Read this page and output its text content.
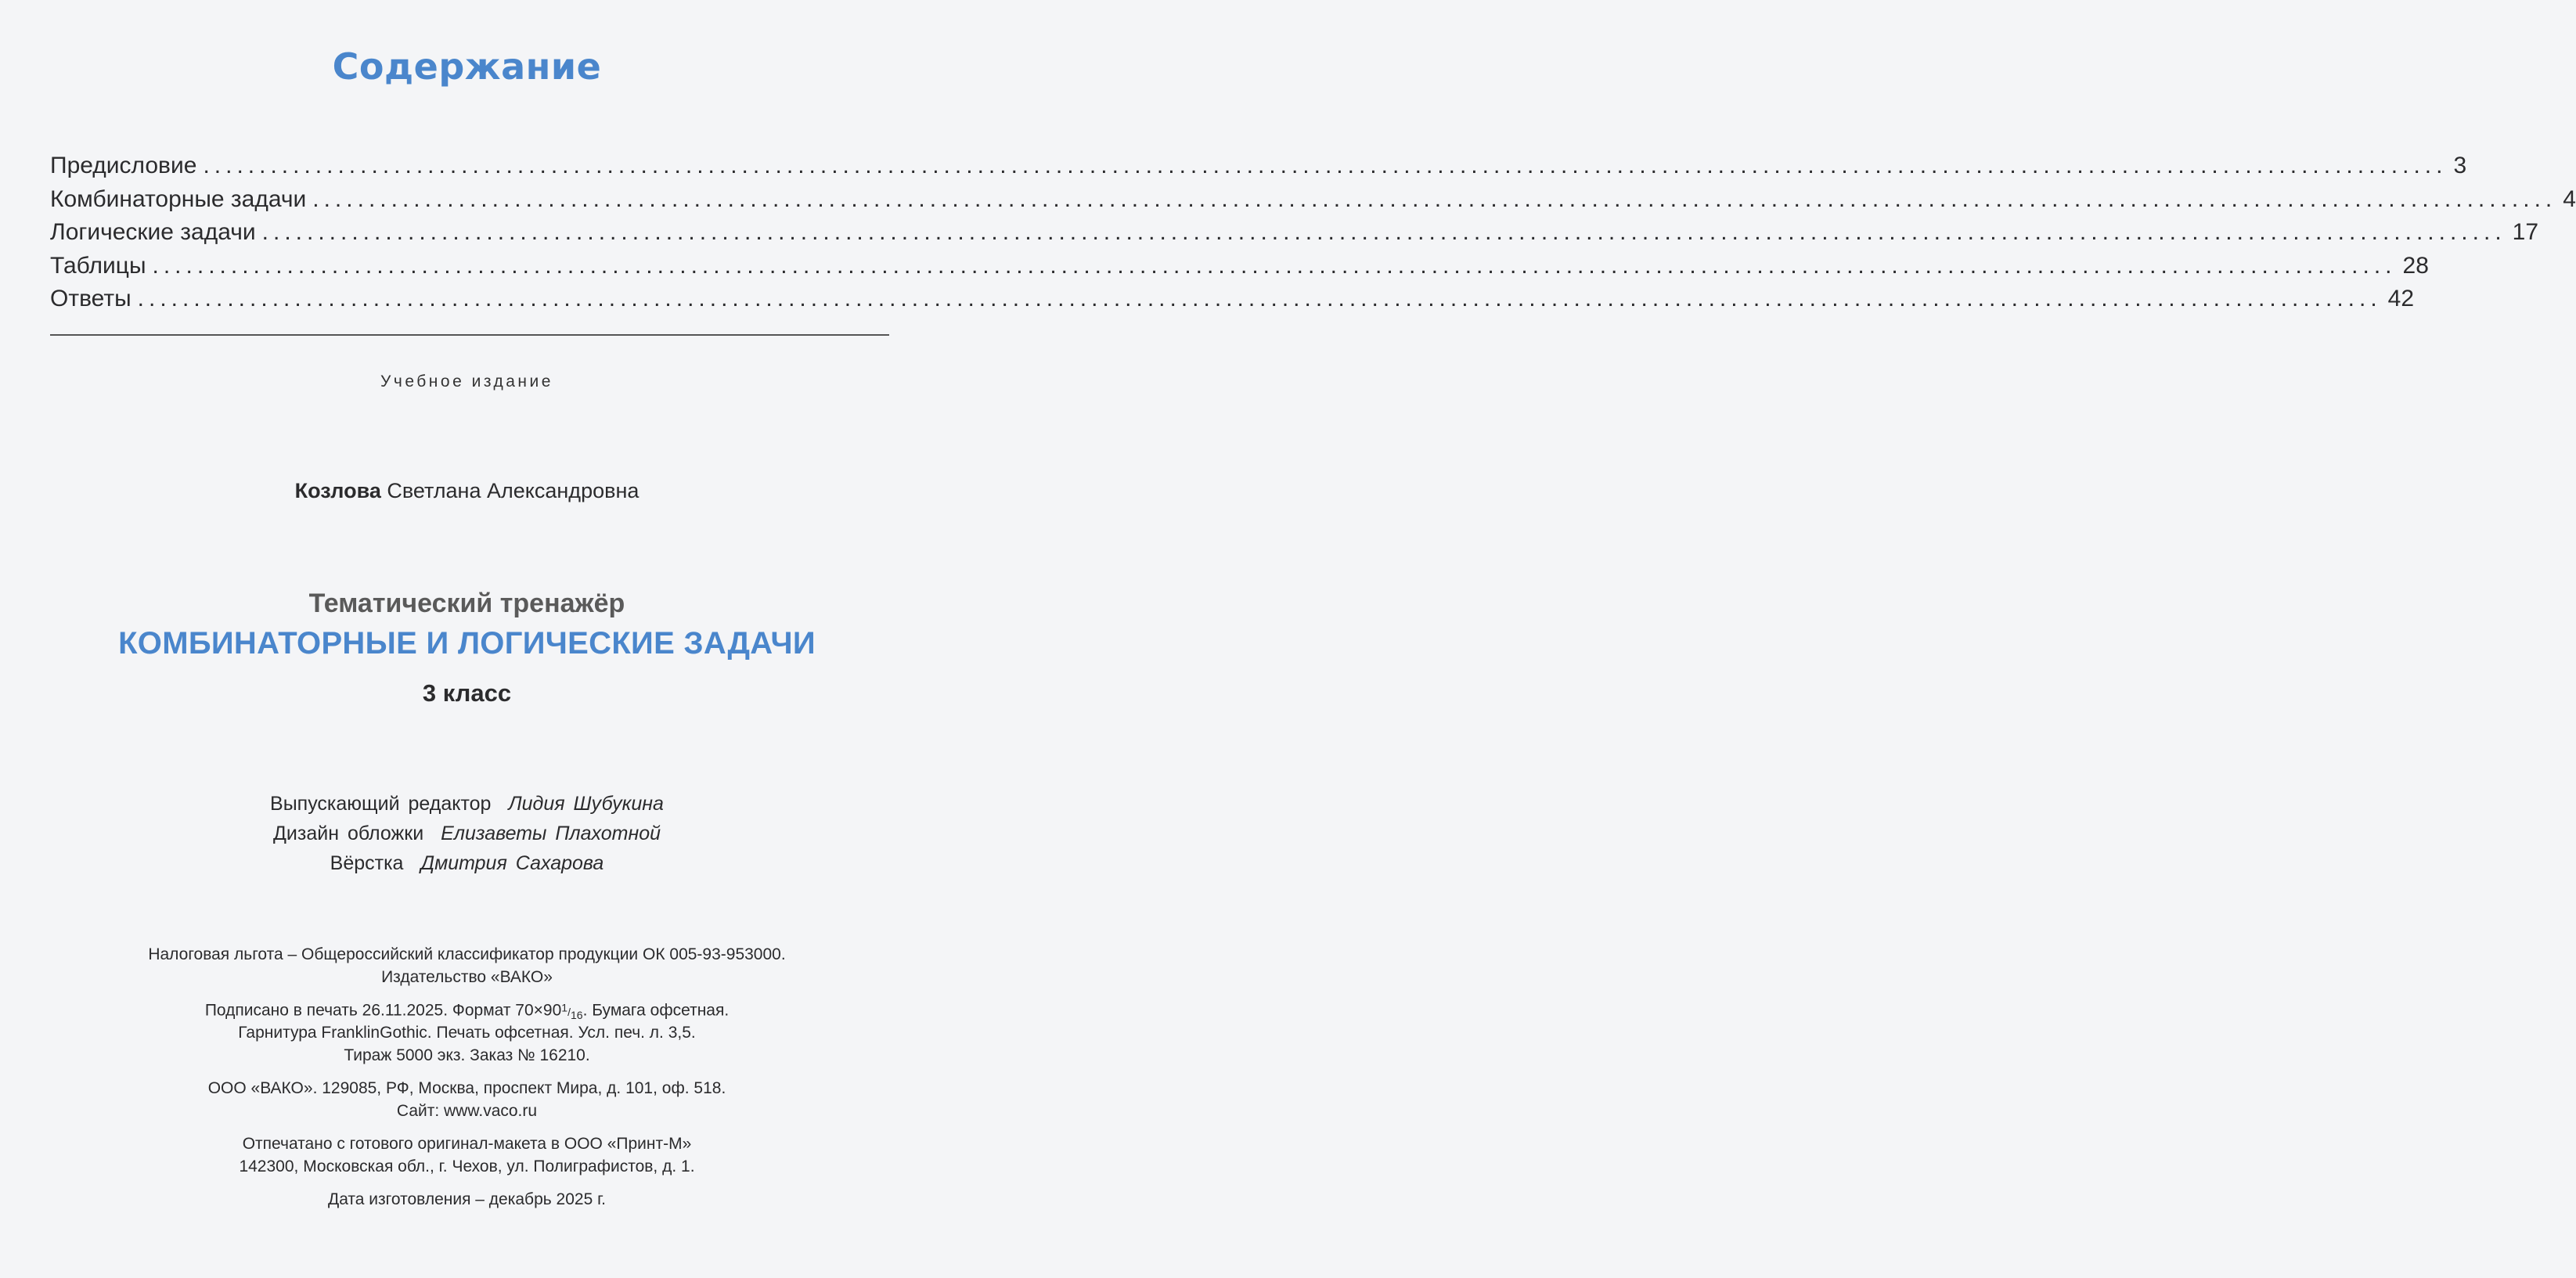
Содержание
Предисловие ........................................................................................................................................................................................................ 3
Комбинаторные задачи ........................................................................................................................................................................................................ 4
Логические задачи ........................................................................................................................................................................................................ 17
Таблицы ........................................................................................................................................................................................................ 28
Ответы ........................................................................................................................................................................................................ 42
Учебное издание
Козлова Светлана Александровна
Тематический тренажёр
КОМБИНАТОРНЫЕ И ЛОГИЧЕСКИЕ ЗАДАЧИ
3 класс
Выпускающий редактор Лидия Шубукина
Дизайн обложки Елизаветы Плахотной
Вёрстка Дмитрия Сахарова
Налоговая льгота – Общероссийский классификатор продукции ОК 005-93-953000.
Издательство «ВАКО»
Подписано в печать 26.11.2025. Формат 70×901/16. Бумага офсетная.
Гарнитура FranklinGothic. Печать офсетная. Усл. печ. л. 3,5.
Тираж 5000 экз. Заказ № 16210.
ООО «ВАКО». 129085, РФ, Москва, проспект Мира, д. 101, оф. 518.
Сайт: www.vaco.ru
Отпечатано с готового оригинал-макета в ООО «Принт-М»
142300, Московская обл., г. Чехов, ул. Полиграфистов, д. 1.
Дата изготовления – декабрь 2025 г.
